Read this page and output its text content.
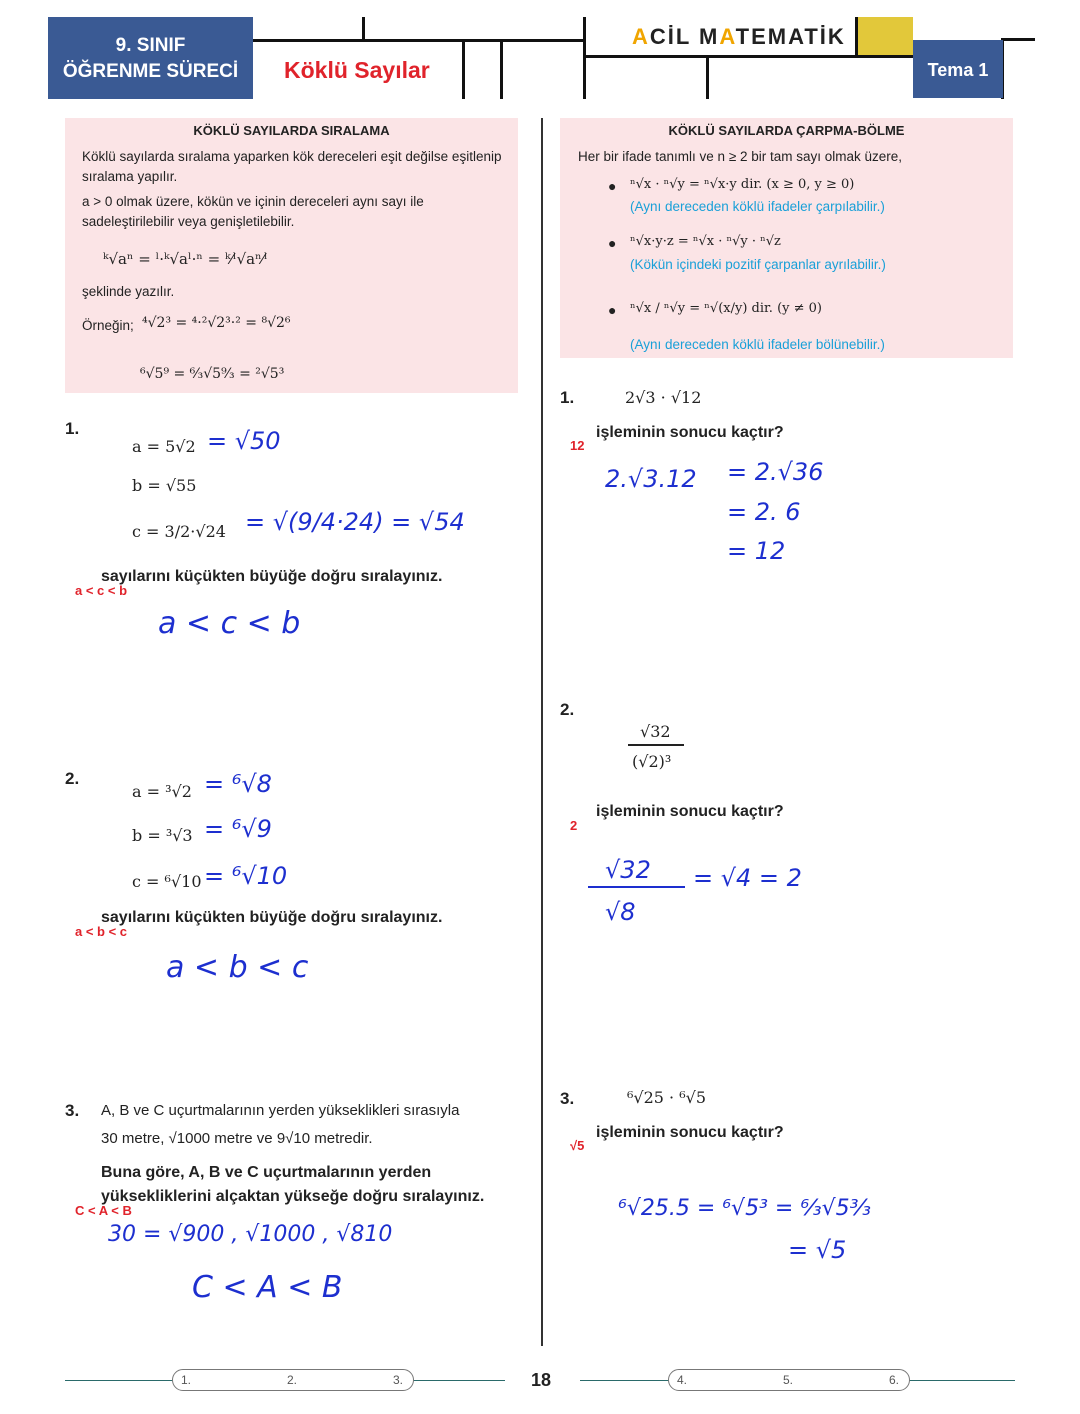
9. SINIF
ÖĞRENME SÜRECİ	Köklü Sayılar
ACİL MATEMATİK
Tema 1
KÖKLÜ SAYILARDA SIRALAMA
Köklü sayılarda sıralama yaparken kök dereceleri eşit değilse eşitlenip
sıralama yapılır.
a > 0 olmak üzere, kökün ve içinin dereceleri aynı sayı ile
sadeleştirilebilir veya genişletilebilir.
ᵏ√aⁿ = ˡ·ᵏ√aˡ·ⁿ = ᵏ⁄ˡ√aⁿ⁄ˡ
şeklinde yazılır.
Örneğin; ⁴√2³ = ⁴·²√2³·² = ⁸√2⁶
⁶√5⁹ = ⁶⁄₃√5⁹⁄₃ = ²√5³
KÖKLÜ SAYILARDA ÇARPMA-BÖLME
Her bir ifade tanımlı ve n ≥ 2 bir tam sayı olmak üzere,
● ⁿ√x · ⁿ√y = ⁿ√x·y dir. (x ≥ 0, y ≥ 0)
(Aynı dereceden köklü ifadeler çarpılabilir.)
● ⁿ√x·y·z = ⁿ√x · ⁿ√y · ⁿ√z
(Kökün içindeki pozitif çarpanlar ayrılabilir.)
● ⁿ√x / ⁿ√y = ⁿ√(x/y) dir. (y ≠ 0)
(Aynı dereceden köklü ifadeler bölünebilir.)
1.
a = 5√2 = √50
b = √55
c = 3/2·√24 = √(9/4·24) = √54
sayılarını küçükten büyüğe doğru sıralayınız.
a < c < b
a < c < b
2.
a = ³√2 = ⁶√8
b = ³√3 = ⁶√9
c = ⁶√10 = ⁶√10
sayılarını küçükten büyüğe doğru sıralayınız.
a < b < c
a < b < c
3. A, B ve C uçurtmalarının yerden yükseklikleri sırasıyla
30 metre, √1000 metre ve 9√10 metredir.
Buna göre, A, B ve C uçurtmalarının yerden
yüksekliklerini alçaktan yükseğe doğru sıralayınız.
C < A < B
30 = √900 , √1000 , √810
C < A < B
1.	2√3 · √12
işleminin sonucu kaçtır?
12
2.√3.12 = 2.√36
= 2. 6
= 12
2.
√32
(√2)³
işleminin sonucu kaçtır?
2
√32
√8
= √4 = 2
3.	⁶√25 · ⁶√5
işleminin sonucu kaçtır?
√5
⁶√25.5 = ⁶√5³ = ⁶⁄₃√5³⁄₃
= √5
1.	2.	3.	18	4.	5.	6.
